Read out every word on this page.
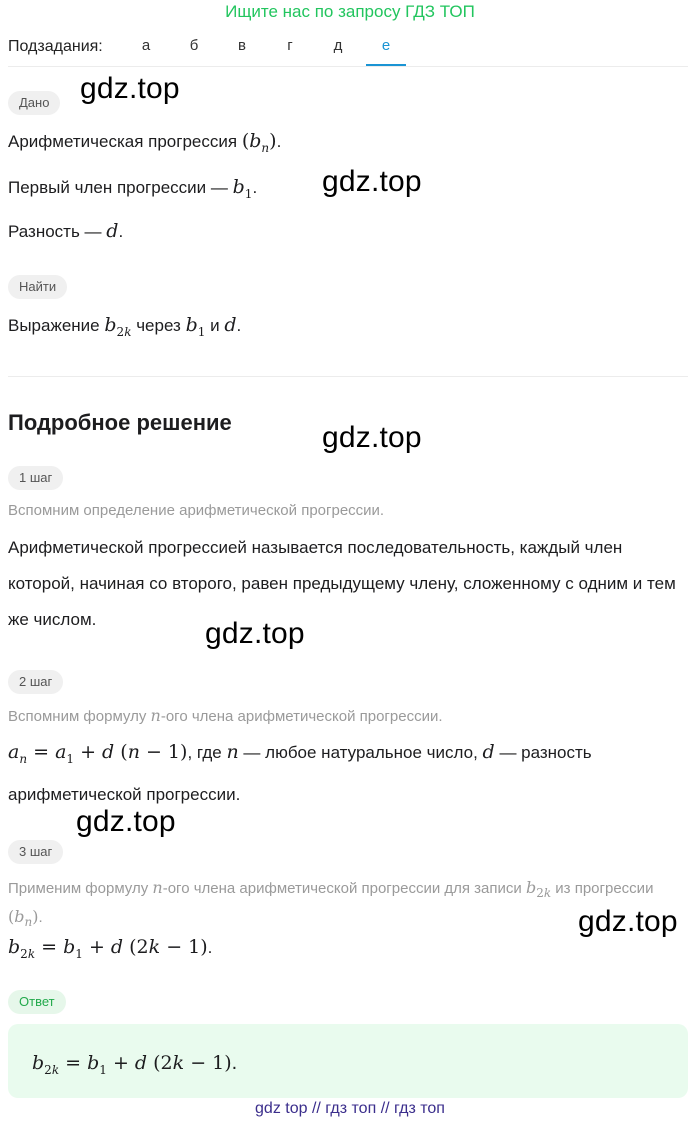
Ищите нас по запросу ГДЗ ТОП
Подзадания:	а	б	в	г	д	е
Дано
Арифметическая прогрессия $(b_n)$.
Первый член прогрессии — $b_1$.
Разность — d.
Найти
Выражение $b_{2k}$ через $b_1$ и d.
Подробное решение
1 шаг
Вспомним определение арифметической прогрессии.
Арифметической прогрессией называется последовательность, каждый член которой, начиная со второго, равен предыдущему члену, сложенному с одним и тем же числом.
2 шаг
Вспомним формулу n-ого члена арифметической прогрессии.
$a_n = a_1 + d$ (n − 1), где n — любое натуральное число, d — разность арифметической прогрессии.
3 шаг
Применим формулу n-ого члена арифметической прогрессии для записи $b_{2k}$ из прогрессии $(b_n)$.
$b_{2k} = b_1 + d$ (2k − 1).
Ответ
$b_{2k} = b_1 + d$ (2k − 1).
gdz.top
gdz.top
gdz.top
gdz.top
gdz.top
gdz.top
gdz top // гдз топ // гдз топ
